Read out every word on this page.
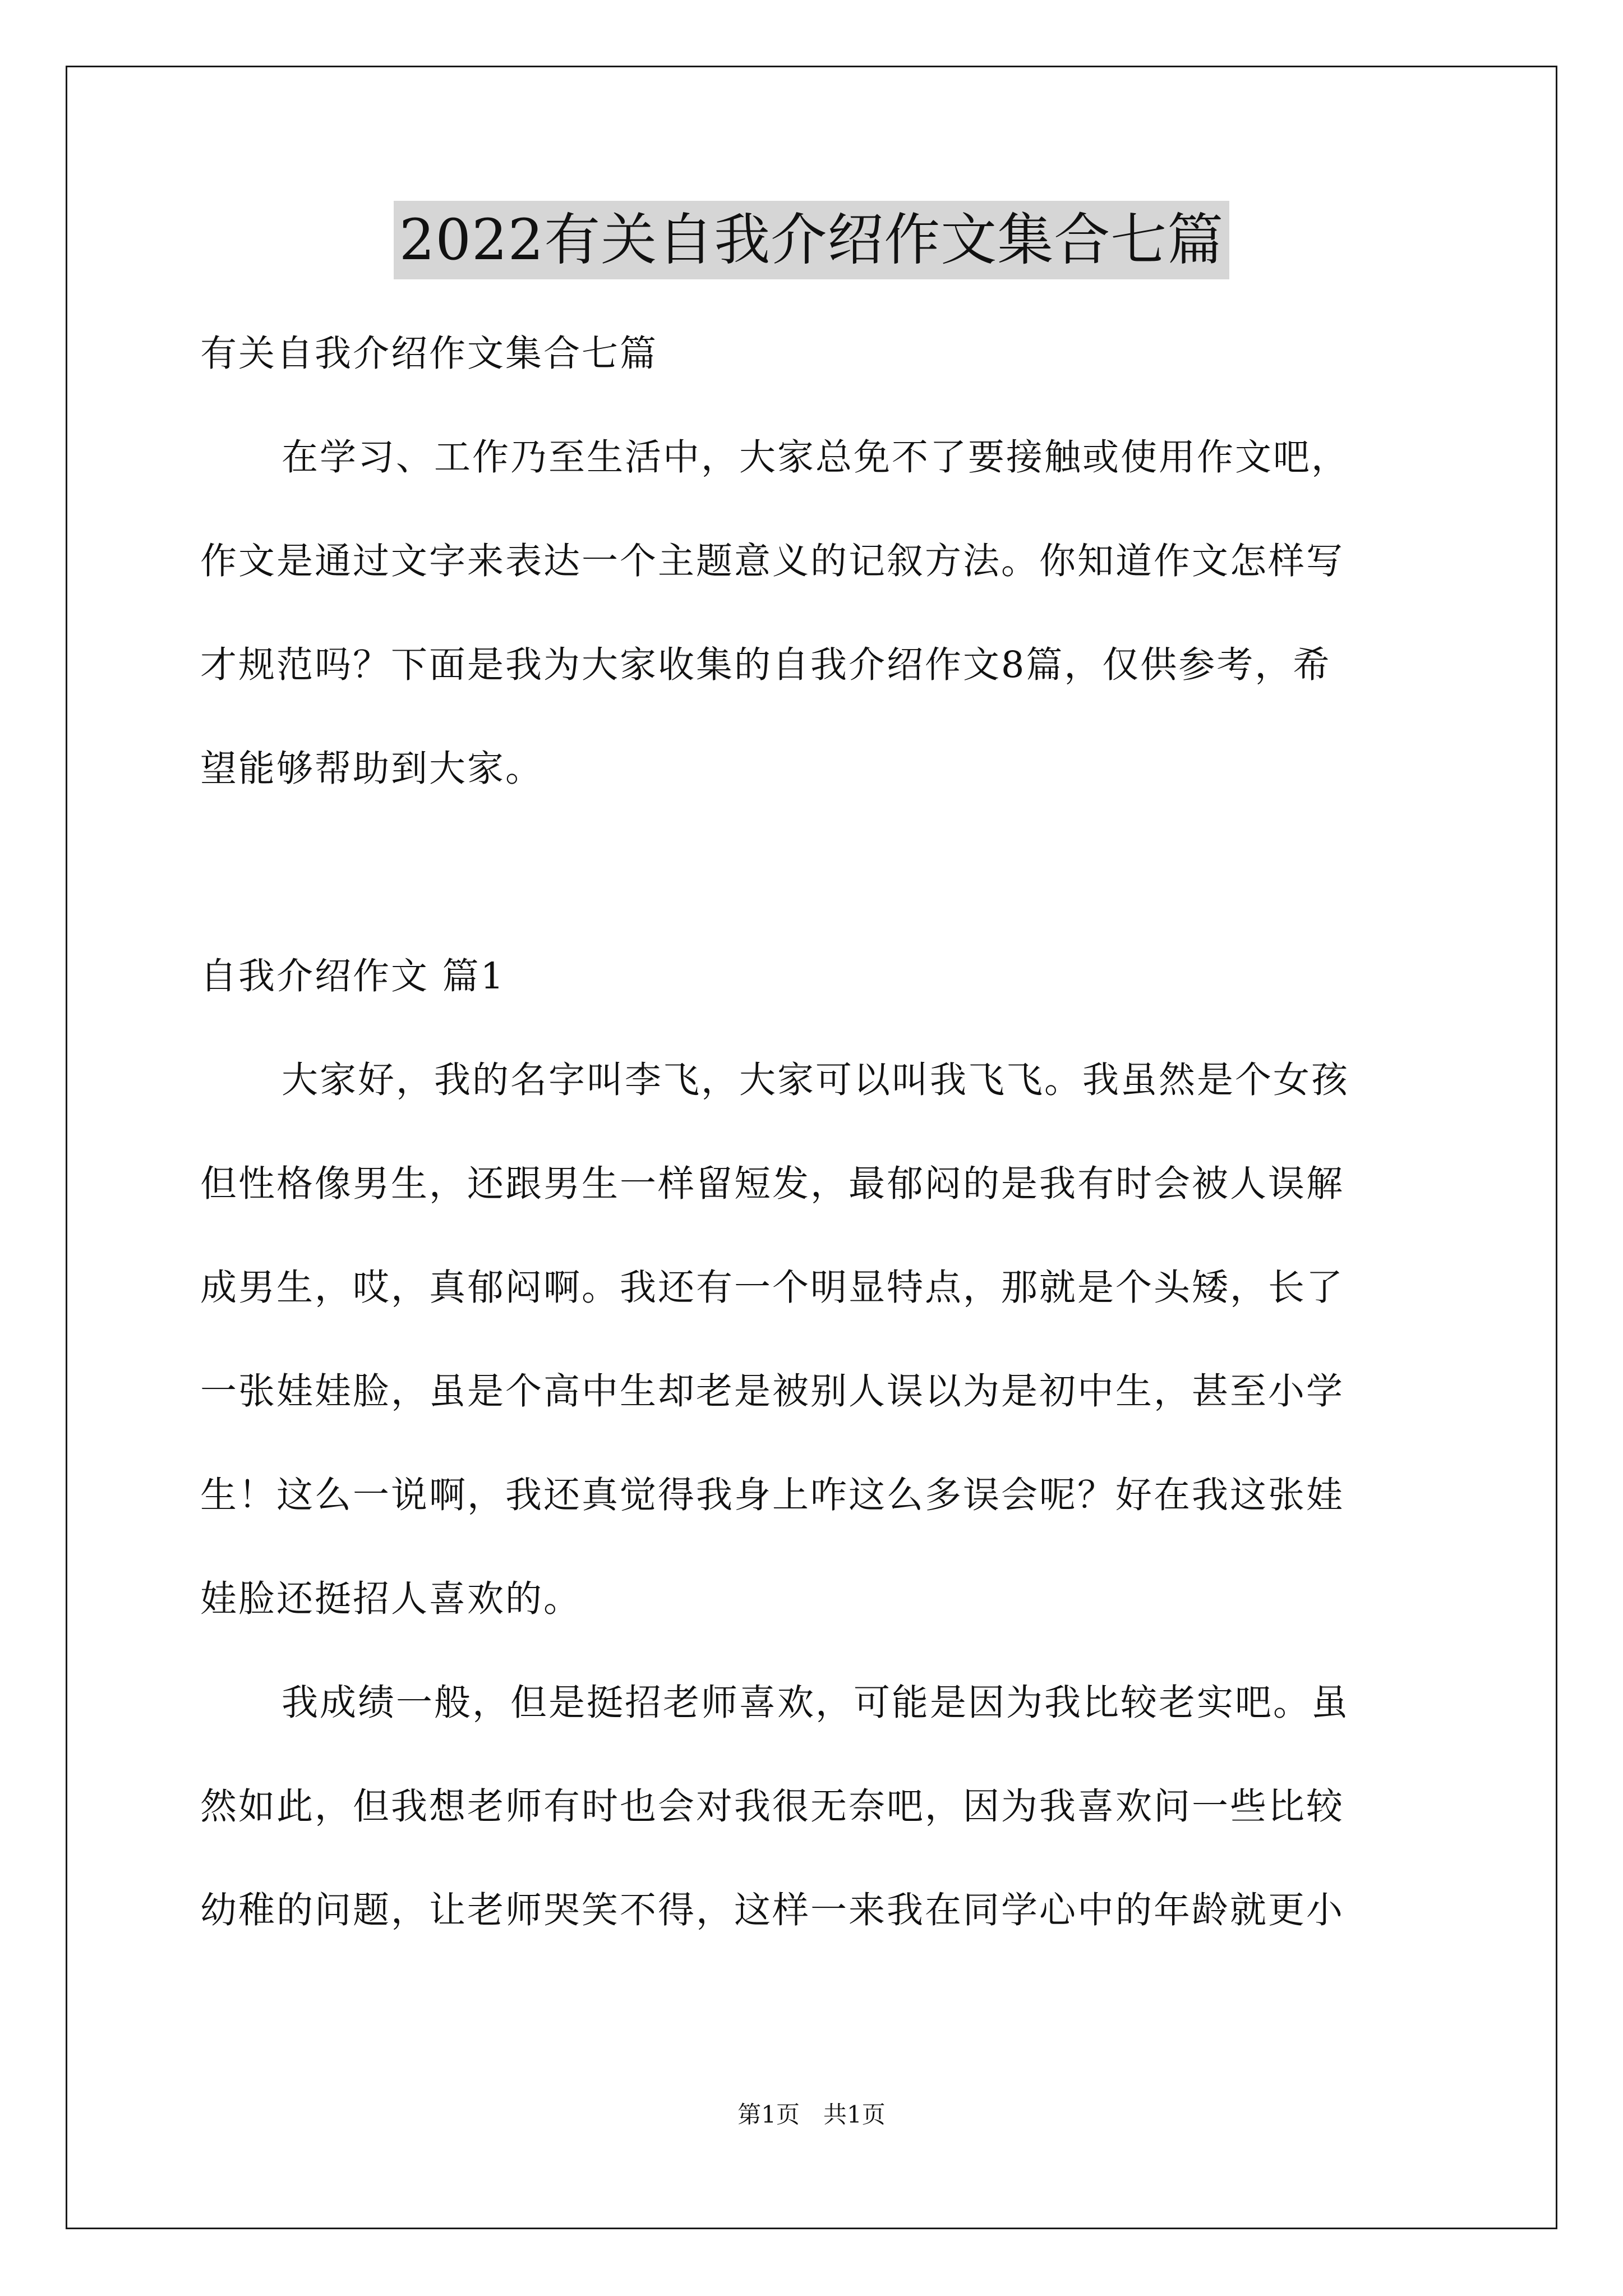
2022有关自我介绍作文集合七篇
有关自我介绍作文集合七篇
在学习、工作乃至生活中，大家总免不了要接触或使用作文吧，
作文是通过文字来表达一个主题意义的记叙方法。你知道作文怎样写
才规范吗？下面是我为大家收集的自我介绍作文8篇，仅供参考，希
望能够帮助到大家。
自我介绍作文 篇1
大家好，我的名字叫李飞，大家可以叫我飞飞。我虽然是个女孩
但性格像男生，还跟男生一样留短发，最郁闷的是我有时会被人误解
成男生，哎，真郁闷啊。我还有一个明显特点，那就是个头矮，长了
一张娃娃脸，虽是个高中生却老是被别人误以为是初中生，甚至小学
生！这么一说啊，我还真觉得我身上咋这么多误会呢？好在我这张娃
娃脸还挺招人喜欢的。
我成绩一般，但是挺招老师喜欢，可能是因为我比较老实吧。虽
然如此，但我想老师有时也会对我很无奈吧，因为我喜欢问一些比较
幼稚的问题，让老师哭笑不得，这样一来我在同学心中的年龄就更小
第1页　共1页
